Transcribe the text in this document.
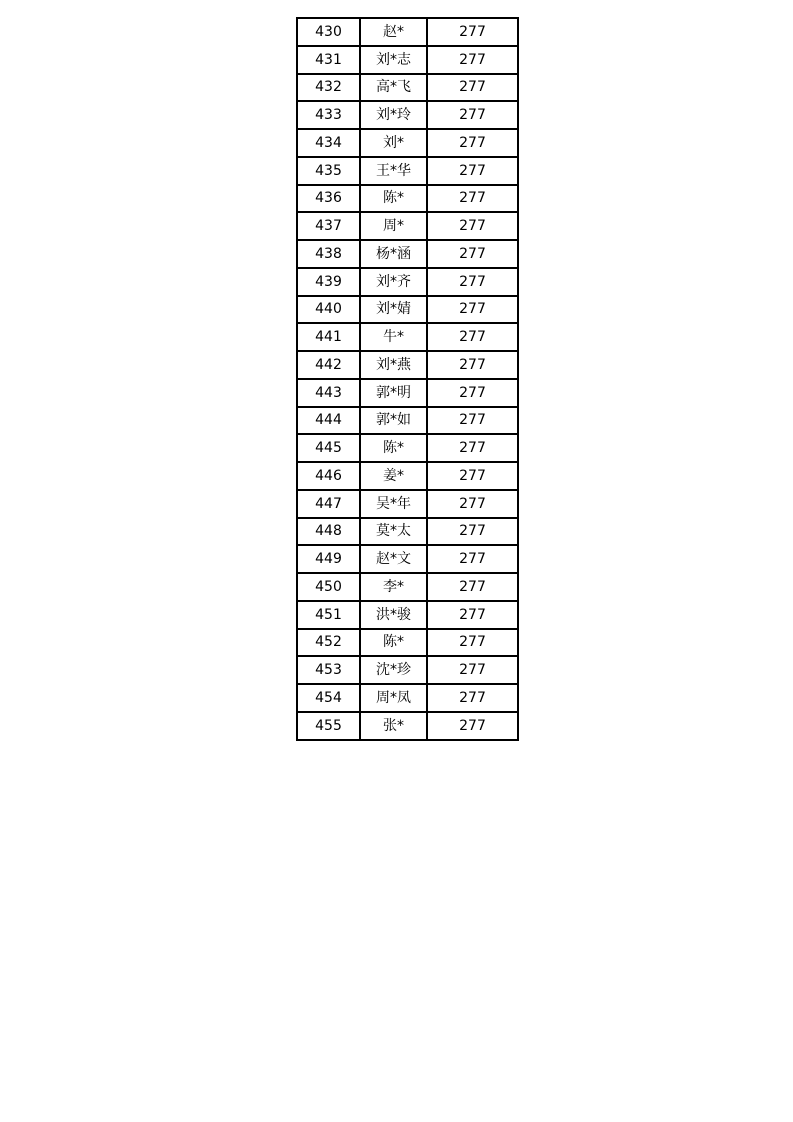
430	赵*	277
431	刘*志	277
432	高*飞	277
433	刘*玲	277
434	刘*	277
435	王*华	277
436	陈*	277
437	周*	277
438	杨*涵	277
439	刘*齐	277
440	刘*婧	277
441	牛*	277
442	刘*燕	277
443	郭*明	277
444	郭*如	277
445	陈*	277
446	姜*	277
447	吴*年	277
448	莫*太	277
449	赵*文	277
450	李*	277
451	洪*骏	277
452	陈*	277
453	沈*珍	277
454	周*凤	277
455	张*	277
